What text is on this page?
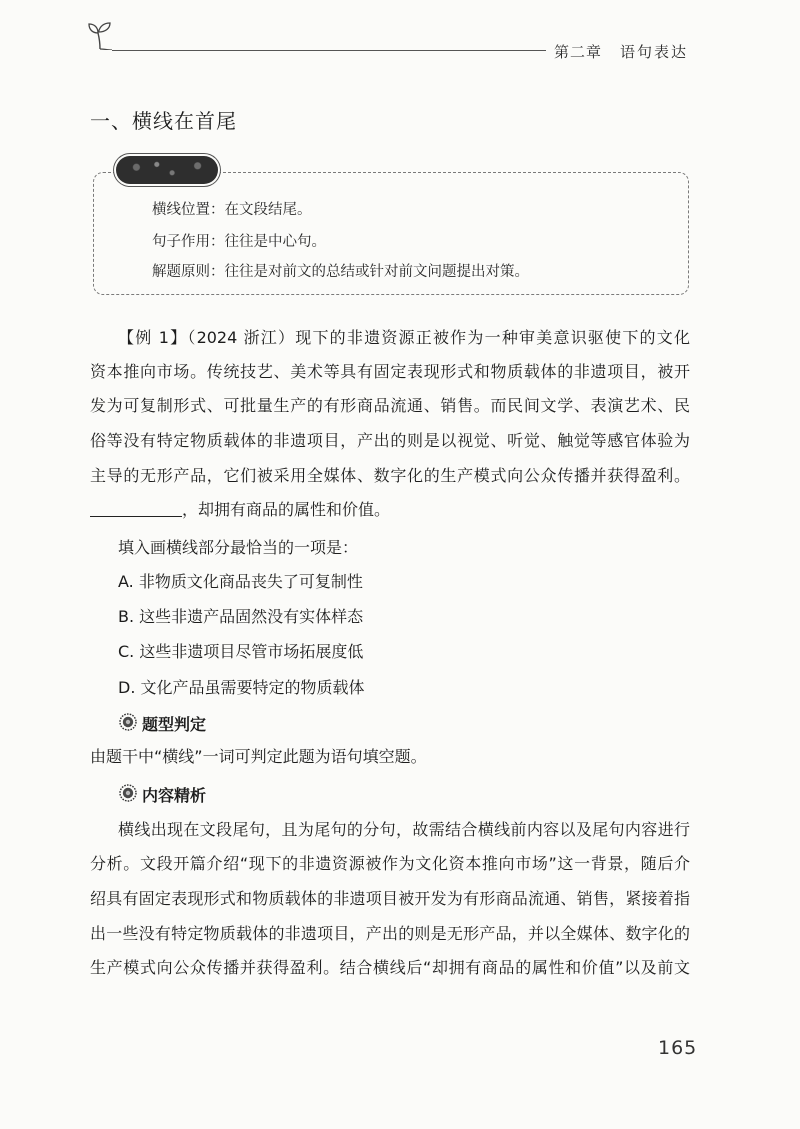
第二章 语句表达
一、横线在首尾
横线位置：在文段结尾。
句子作用：往往是中心句。
解题原则：往往是对前文的总结或针对前文问题提出对策。
【例 1】（2024 浙江）现下的非遗资源正被作为一种审美意识驱使下的文化
资本推向市场。传统技艺、美术等具有固定表现形式和物质载体的非遗项目，被开
发为可复制形式、可批量生产的有形商品流通、销售。而民间文学、表演艺术、民
俗等没有特定物质载体的非遗项目，产出的则是以视觉、听觉、触觉等感官体验为
主导的无形产品，它们被采用全媒体、数字化的生产模式向公众传播并获得盈利。
，却拥有商品的属性和价值。
填入画横线部分最恰当的一项是：
A. 非物质文化商品丧失了可复制性
B. 这些非遗产品固然没有实体样态
C. 这些非遗项目尽管市场拓展度低
D. 文化产品虽需要特定的物质载体
题型判定
由题干中“横线”一词可判定此题为语句填空题。
内容精析
横线出现在文段尾句，且为尾句的分句，故需结合横线前内容以及尾句内容进行
分析。文段开篇介绍“现下的非遗资源被作为文化资本推向市场”这一背景，随后介
绍具有固定表现形式和物质载体的非遗项目被开发为有形商品流通、销售，紧接着指
出一些没有特定物质载体的非遗项目，产出的则是无形产品，并以全媒体、数字化的
生产模式向公众传播并获得盈利。结合横线后“却拥有商品的属性和价值”以及前文
165
